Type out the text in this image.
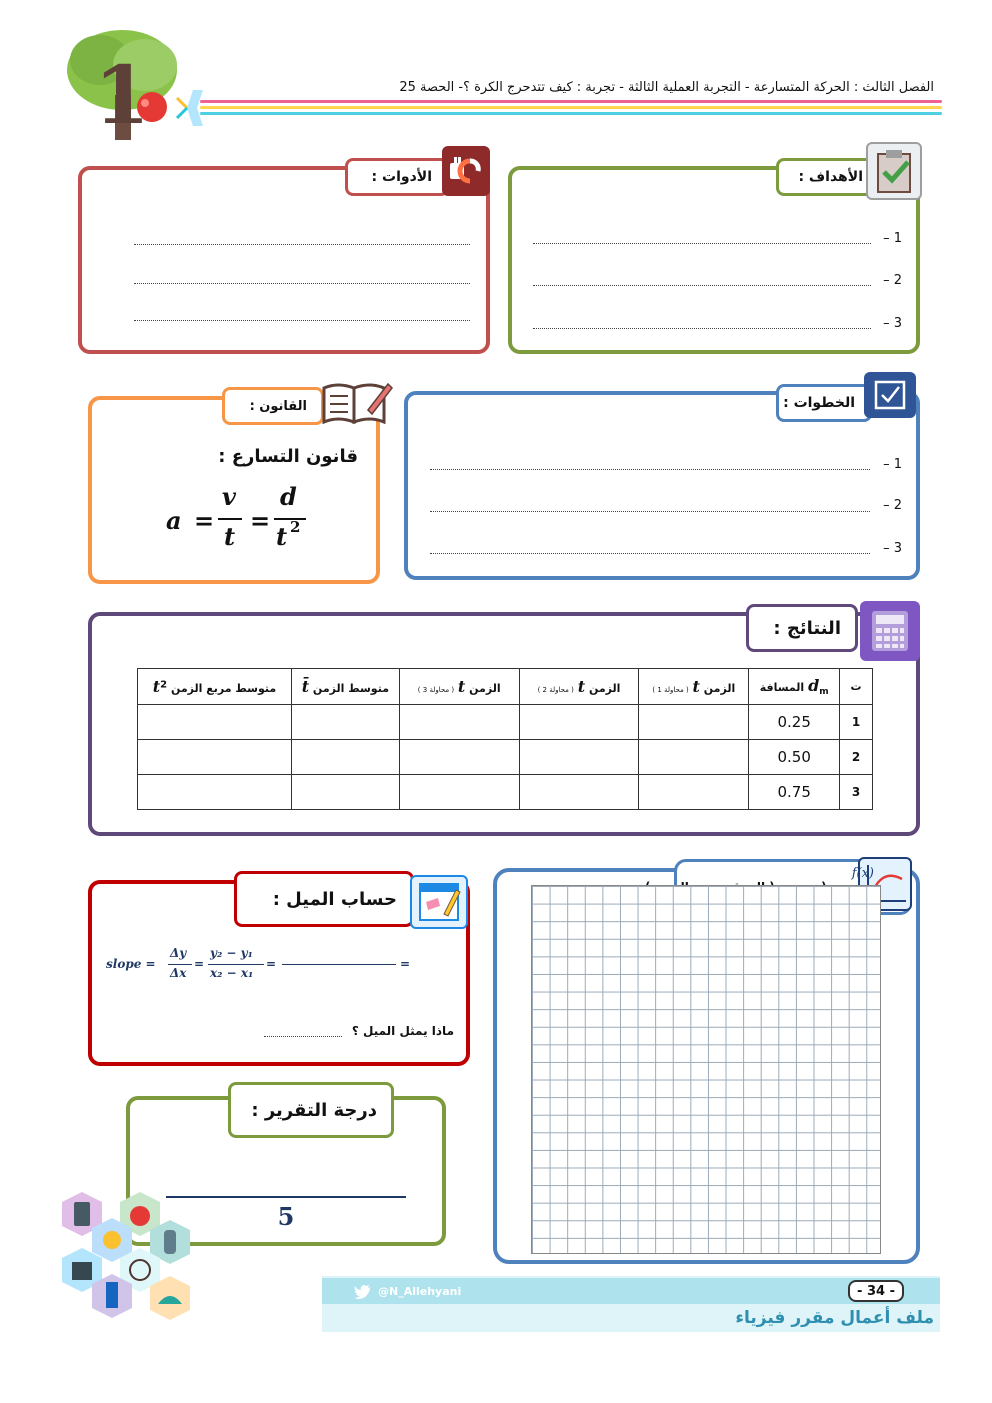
1	الفصل الثالث : الحركة المتسارعة - التجربة العملية الثالثة - تجربة : كيف تتدحرج الكرة ؟- الحصة 25
الأهداف :
1 –
2 –
3 –
الأدوات :
القانون :
قانون التسارع :
a =
v
t
=
d
t 2
الخطوات :
1 –
2 –
3 –
النتائج :
ت	$d_m$ المسافة	الزمن t ( محاولة 1 )	الزمن t ( محاولة 2 )	الزمن t ( محاولة 3 )	متوسط الزمن t̄	متوسط مربع الزمن $t^2$
1	0.25					
2	0.50					
3	0.75					
حساب الميل :
slope =
Δy
Δx
=
y₂ − y₁
x₂ − x₁
=	=
ماذا يمثل الميل ؟
f(x)
درجة التقرير :
5
@N_Allehyani	- 34 -
ملف أعمال مقرر فيزياء
